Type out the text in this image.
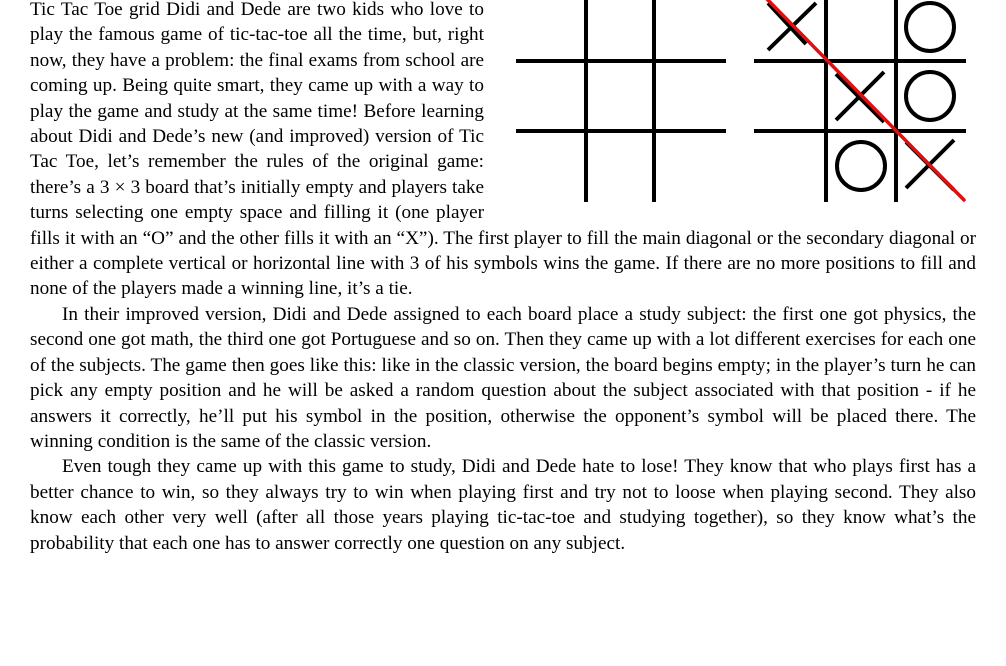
Tic Tac Toe grid Didi and Dede are two kids who love to play the famous game of tic-tac-toe all the time, but, right now, they have a problem: the final exams from school are coming up. Being quite smart, they came up with a way to play the game and study at the same time! Before learning about Didi and Dede’s new (and improved) version of Tic Tac Toe, let’s remember the rules of the original game: there’s a 3 × 3 board that’s initially empty and players take turns selecting one empty space and filling it (one player fills it with an “O” and the other fills it with an “X”). The first player to fill the main diagonal or the secondary diagonal or either a complete vertical or horizontal line with 3 of his symbols wins the game. If there are no more positions to fill and none of the players made a winning line, it’s a tie.

In their improved version, Didi and Dede assigned to each board place a study subject: the first one got physics, the second one got math, the third one got Portuguese and so on. Then they came up with a lot different exercises for each one of the subjects. The game then goes like this: like in the classic version, the board begins empty; in the player’s turn he can pick any empty position and he will be asked a random question about the subject associated with that position - if he answers it correctly, he’ll put his symbol in the position, otherwise the opponent’s symbol will be placed there. The winning condition is the same of the classic version.

Even tough they came up with this game to study, Didi and Dede hate to lose! They know that who plays first has a better chance to win, so they always try to win when playing first and try not to loose when playing second. They also know each other very well (after all those years playing tic-tac-toe and studying together), so they know what’s the probability that each one has to answer correctly one question on any subject.
